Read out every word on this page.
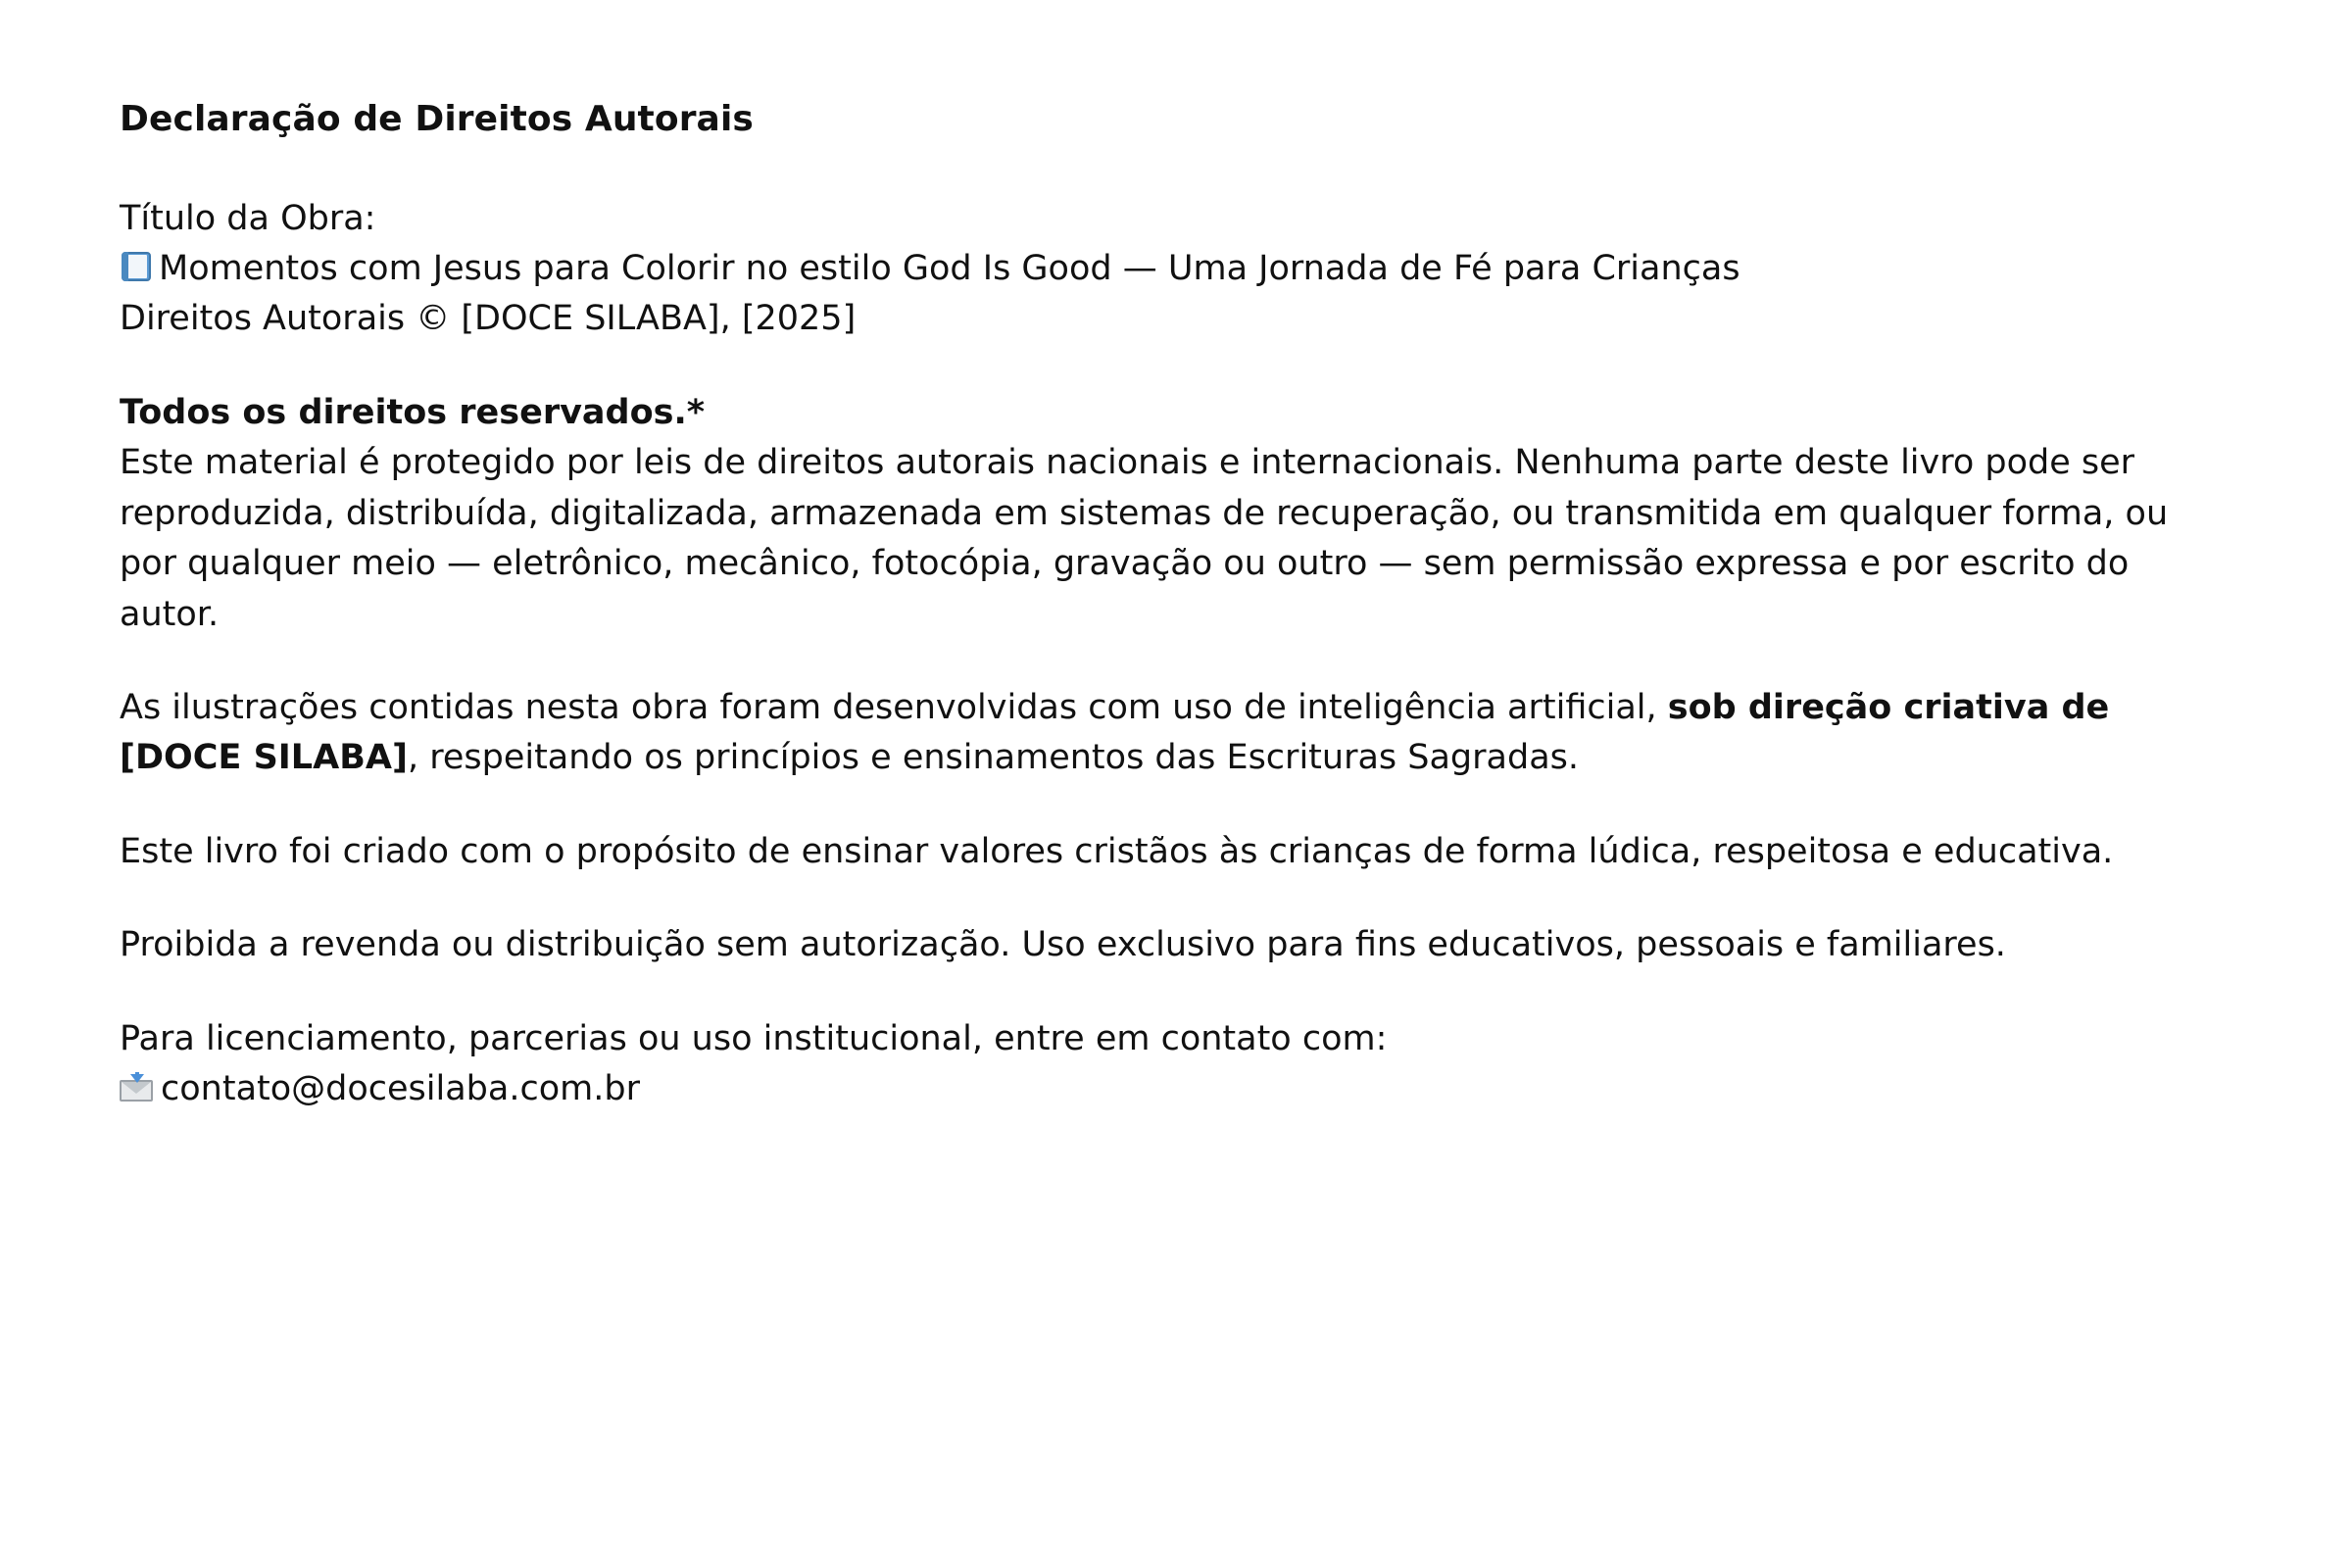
Declaração de Direitos Autorais
Título da Obra:
Momentos com Jesus para Colorir no estilo God Is Good — Uma Jornada de Fé para Crianças
Direitos Autorais © [DOCE SILABA], [2025]
Todos os direitos reservados.*
Este material é protegido por leis de direitos autorais nacionais e internacionais. Nenhuma parte deste livro pode ser reproduzida, distribuída, digitalizada, armazenada em sistemas de recuperação, ou transmitida em qualquer forma, ou por qualquer meio — eletrônico, mecânico, fotocópia, gravação ou outro — sem permissão expressa e por escrito do autor.
As ilustrações contidas nesta obra foram desenvolvidas com uso de inteligência artificial, sob direção criativa de [DOCE SILABA], respeitando os princípios e ensinamentos das Escrituras Sagradas.
Este livro foi criado com o propósito de ensinar valores cristãos às crianças de forma lúdica, respeitosa e educativa.
Proibida a revenda ou distribuição sem autorização. Uso exclusivo para fins educativos, pessoais e familiares.
Para licenciamento, parcerias ou uso institucional, entre em contato com:
contato@docesilaba.com.br
